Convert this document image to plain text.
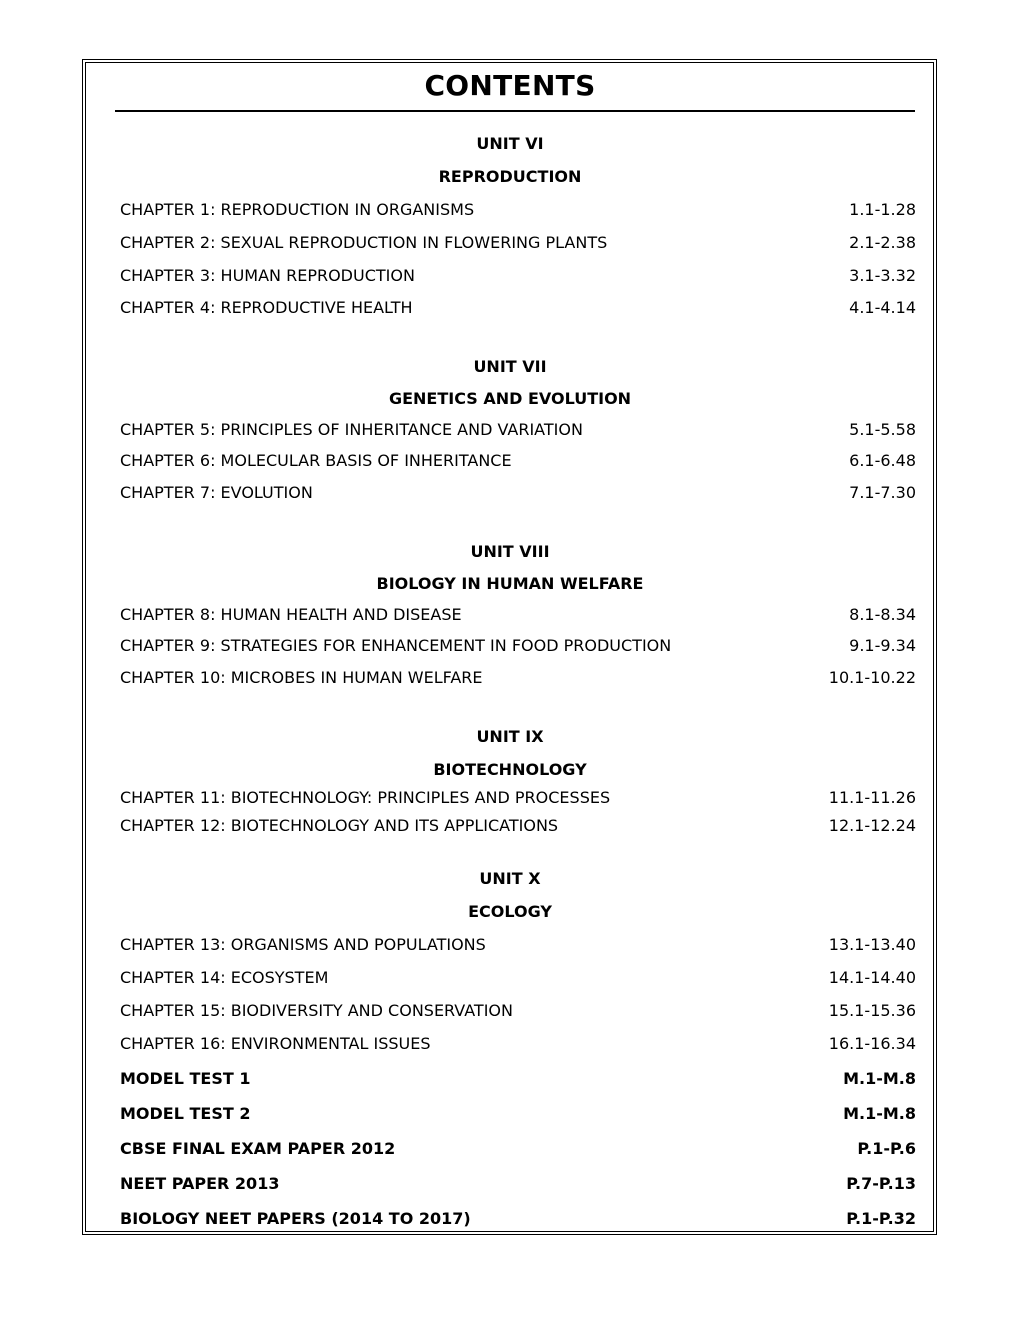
CONTENTS
UNIT VI
REPRODUCTION
CHAPTER 1: REPRODUCTION IN ORGANISMS	1.1-1.28
CHAPTER 2: SEXUAL REPRODUCTION IN FLOWERING PLANTS	2.1-2.38
CHAPTER 3: HUMAN REPRODUCTION	3.1-3.32
CHAPTER 4: REPRODUCTIVE HEALTH	4.1-4.14
UNIT VII
GENETICS AND EVOLUTION
CHAPTER 5: PRINCIPLES OF INHERITANCE AND VARIATION	5.1-5.58
CHAPTER 6: MOLECULAR BASIS OF INHERITANCE	6.1-6.48
CHAPTER 7: EVOLUTION	7.1-7.30
UNIT VIII
BIOLOGY IN HUMAN WELFARE
CHAPTER 8: HUMAN HEALTH AND DISEASE	8.1-8.34
CHAPTER 9: STRATEGIES FOR ENHANCEMENT IN FOOD PRODUCTION	9.1-9.34
CHAPTER 10: MICROBES IN HUMAN WELFARE	10.1-10.22
UNIT IX
BIOTECHNOLOGY
CHAPTER 11: BIOTECHNOLOGY: PRINCIPLES AND PROCESSES	11.1-11.26
CHAPTER 12: BIOTECHNOLOGY AND ITS APPLICATIONS	12.1-12.24
UNIT X
ECOLOGY
CHAPTER 13: ORGANISMS AND POPULATIONS	13.1-13.40
CHAPTER 14: ECOSYSTEM	14.1-14.40
CHAPTER 15: BIODIVERSITY AND CONSERVATION	15.1-15.36
CHAPTER 16: ENVIRONMENTAL ISSUES	16.1-16.34
MODEL TEST 1	M.1-M.8
MODEL TEST 2	M.1-M.8
CBSE FINAL EXAM PAPER 2012	P.1-P.6
NEET PAPER 2013	P.7-P.13
BIOLOGY NEET PAPERS (2014 TO 2017)	P.1-P.32
